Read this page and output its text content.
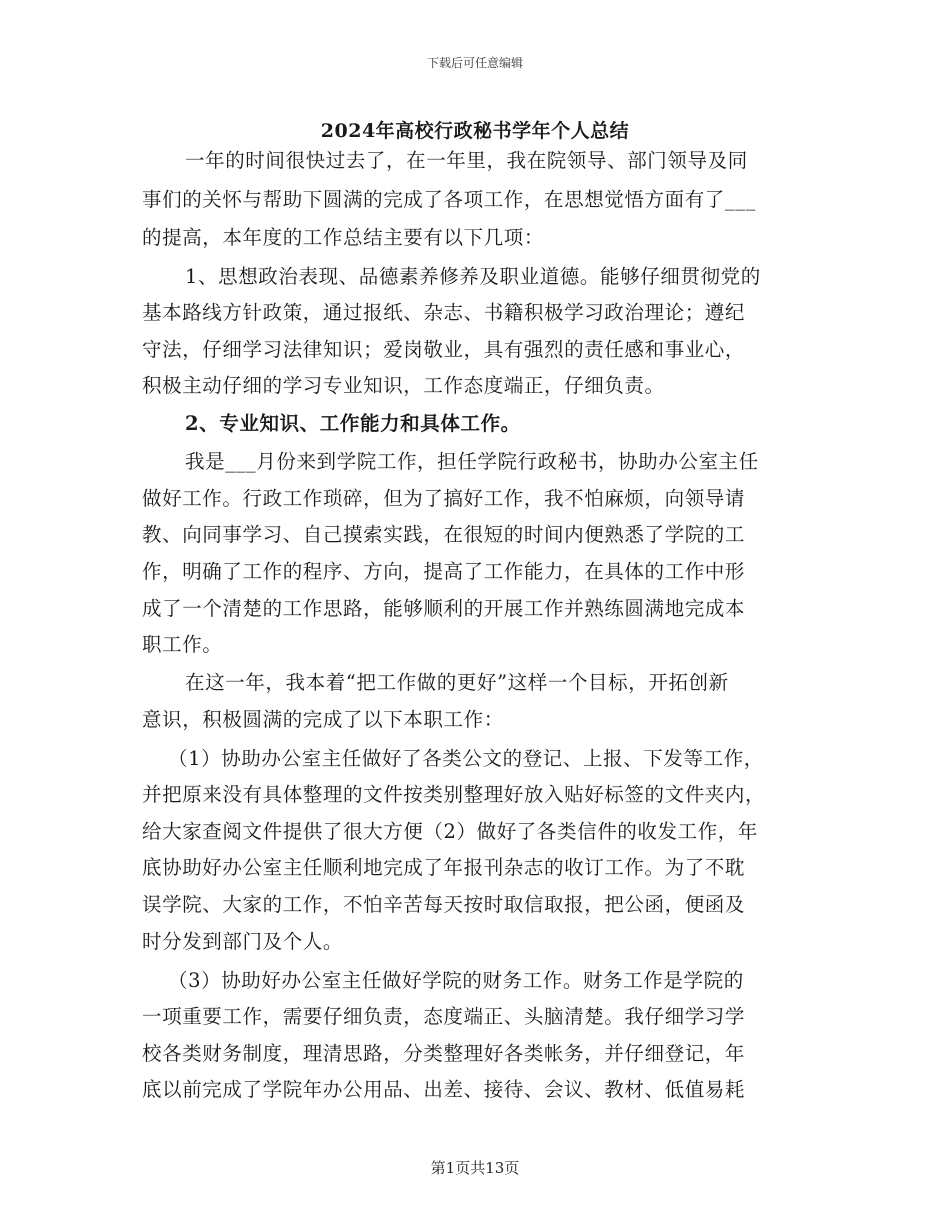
下载后可任意编辑
2024年高校行政秘书学年个人总结
一年的时间很快过去了，在一年里，我在院领导、部门领导及同
事们的关怀与帮助下圆满的完成了各项工作，在思想觉悟方面有了___
的提高，本年度的工作总结主要有以下几项：
1、思想政治表现、品德素养修养及职业道德。能够仔细贯彻党的
基本路线方针政策，通过报纸、杂志、书籍积极学习政治理论；遵纪
守法，仔细学习法律知识；爱岗敬业，具有强烈的责任感和事业心，
积极主动仔细的学习专业知识，工作态度端正，仔细负责。
2、专业知识、工作能力和具体工作。
我是___月份来到学院工作，担任学院行政秘书，协助办公室主任
做好工作。行政工作琐碎，但为了搞好工作，我不怕麻烦，向领导请
教、向同事学习、自己摸索实践，在很短的时间内便熟悉了学院的工
作，明确了工作的程序、方向，提高了工作能力，在具体的工作中形
成了一个清楚的工作思路，能够顺利的开展工作并熟练圆满地完成本
职工作。
在这一年，我本着“把工作做的更好”这样一个目标，开拓创新
意识，积极圆满的完成了以下本职工作：
（1）协助办公室主任做好了各类公文的登记、上报、下发等工作，
并把原来没有具体整理的文件按类别整理好放入贴好标签的文件夹内，
给大家查阅文件提供了很大方便（2）做好了各类信件的收发工作，年
底协助好办公室主任顺利地完成了年报刊杂志的收订工作。为了不耽
误学院、大家的工作，不怕辛苦每天按时取信取报，把公函，便函及
时分发到部门及个人。
（3）协助好办公室主任做好学院的财务工作。财务工作是学院的
一项重要工作，需要仔细负责，态度端正、头脑清楚。我仔细学习学
校各类财务制度，理清思路，分类整理好各类帐务，并仔细登记，年
底以前完成了学院年办公用品、出差、接待、会议、教材、低值易耗
第1页共13页
